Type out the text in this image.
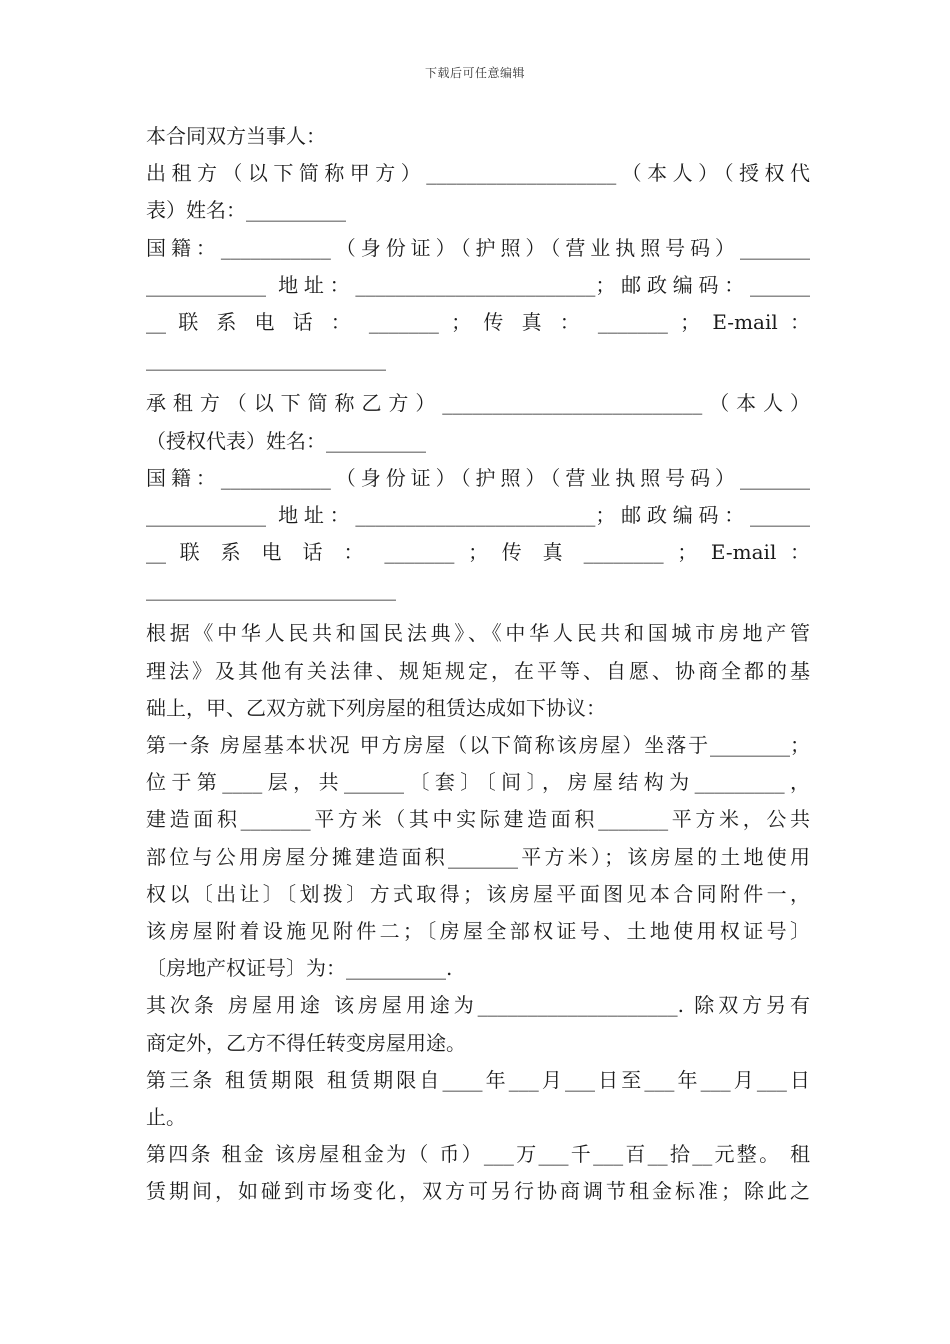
下载后可任意编辑
本合同双方当事人：
出租方（以下简称甲方）___________________（本人）（授权代
表）姓名：__________
国籍：___________（身份证）（护照）（营业执照号码）_______
____________ 地址：________________________；邮政编码：______
__ 联 系 电 话 ： _______ ； 传 真 ： _______ ； E-mail ：
________________________
承租方（以下简称乙方）__________________________（本人）
（授权代表）姓名：__________
国籍：___________（身份证）（护照）（营业执照号码）_______
____________ 地址：________________________；邮政编码：______
__ 联 系 电 话 ： _______ ； 传 真 ________ ； E-mail ：
_________________________
根据《中华人民共和国民法典》、《中华人民共和国城市房地产管
理法》及其他有关法律、规矩规定，在平等、自愿、协商全都的基
础上，甲、乙双方就下列房屋的租赁达成如下协议：
第一条 房屋基本状况 甲方房屋（以下简称该房屋）坐落于________；
位于第____层，共______〔套〕〔间〕，房屋结构为_________，
建造面积_______平方米（其中实际建造面积_______平方米，公共
部位与公用房屋分摊建造面积_______平方米）；该房屋的土地使用
权以〔出让〕〔划拨〕方式取得；该房屋平面图见本合同附件一，
该房屋附着设施见附件二；〔房屋全部权证号、土地使用权证号〕
〔房地产权证号〕为：__________.
其次条 房屋用途 该房屋用途为____________________. 除双方另有
商定外，乙方不得任转变房屋用途。
第三条 租赁期限 租赁期限自____年___月___日至___年___月___日
止。
第四条 租金 该房屋租金为（ 币）___万___千___百__拾__元整。 租
赁期间，如碰到市场变化，双方可另行协商调节租金标准；除此之
